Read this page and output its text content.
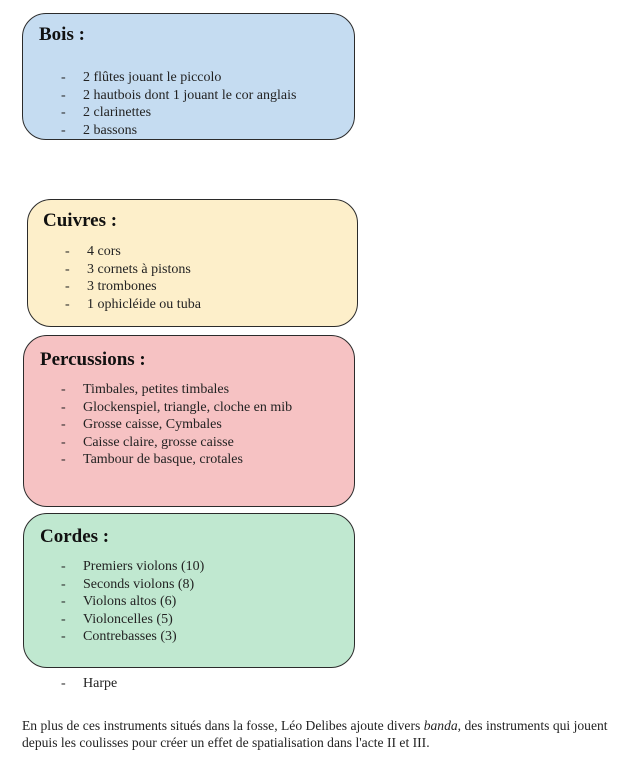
Bois :
- 2 flûtes jouant le piccolo
- 2 hautbois dont 1 jouant le cor anglais
- 2 clarinettes
- 2 bassons
Cuivres :
- 4 cors
- 3 cornets à pistons
- 3 trombones
- 1 ophicléide ou tuba
Percussions :
- Timbales, petites timbales
- Glockenspiel, triangle, cloche en mib
- Grosse caisse, Cymbales
- Caisse claire, grosse caisse
- Tambour de basque, crotales
Cordes :
- Premiers violons (10)
- Seconds violons (8)
- Violons altos (6)
- Violoncelles (5)
- Contrebasses (3)
- Harpe

En plus de ces instruments situés dans la fosse, Léo Delibes ajoute divers banda, des instruments qui jouent depuis les coulisses pour créer un effet de spatialisation dans l'acte II et III.
